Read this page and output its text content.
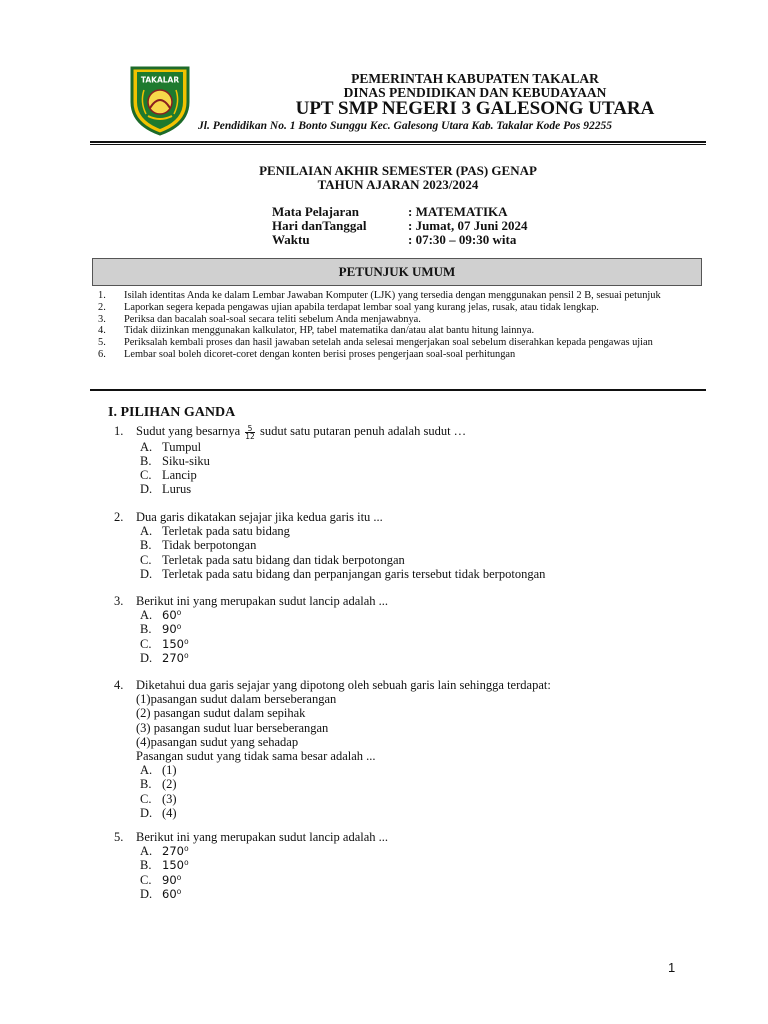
TAKALAR	PEMERINTAH KABUPATEN TAKALAR
DINAS PENDIDIKAN DAN KEBUDAYAAN
UPT SMP NEGERI 3 GALESONG UTARA
Jl. Pendidikan No. 1 Bonto Sunggu Kec. Galesong Utara Kab. Takalar Kode Pos 92255
PENILAIAN AKHIR SEMESTER (PAS) GENAP
TAHUN AJARAN 2023/2024
Mata Pelajaran	: MATEMATIKA
Hari danTanggal	: Jumat, 07 Juni 2024
Waktu	: 07:30 – 09:30 wita
PETUNJUK UMUM
1.	Isilah identitas Anda ke dalam Lembar Jawaban Komputer (LJK) yang tersedia dengan menggunakan pensil 2 B, sesuai petunjuk
2.	Laporkan segera kepada pengawas ujian apabila terdapat lembar soal yang kurang jelas, rusak, atau tidak lengkap.
3.	Periksa dan bacalah soal-soal secara teliti sebelum Anda menjawabnya.
4.	Tidak diizinkan menggunakan kalkulator, HP, tabel matematika dan/atau alat bantu hitung lainnya.
5.	Periksalah kembali proses dan hasil jawaban setelah anda selesai mengerjakan soal sebelum diserahkan kepada pengawas ujian
6.	Lembar soal boleh dicoret-coret dengan konten berisi proses pengerjaan soal-soal perhitungan
I. PILIHAN GANDA
1.	Sudut yang besarnya $\frac{5}{12}$ sudut satu putaran penuh adalah sudut …
A. Tumpul
B. Siku-siku
C. Lancip
D. Lurus
2.	Dua garis dikatakan sejajar jika kedua garis itu ...
A. Terletak pada satu bidang
B. Tidak berpotongan
C. Terletak pada satu bidang dan tidak berpotongan
D. Terletak pada satu bidang dan perpanjangan garis tersebut tidak berpotongan
3.	Berikut ini yang merupakan sudut lancip adalah ...
A. 60⁰
B. 90⁰
C. 150⁰
D. 270⁰
4.	Diketahui dua garis sejajar yang dipotong oleh sebuah garis lain sehingga terdapat:
(1)pasangan sudut dalam berseberangan
(2) pasangan sudut dalam sepihak
(3) pasangan sudut luar berseberangan
(4)pasangan sudut yang sehadap
Pasangan sudut yang tidak sama besar adalah ...
A. (1)
B. (2)
C. (3)
D. (4)
5.	Berikut ini yang merupakan sudut lancip adalah ...
A. 270⁰
B. 150⁰
C. 90⁰
D. 60⁰
1
